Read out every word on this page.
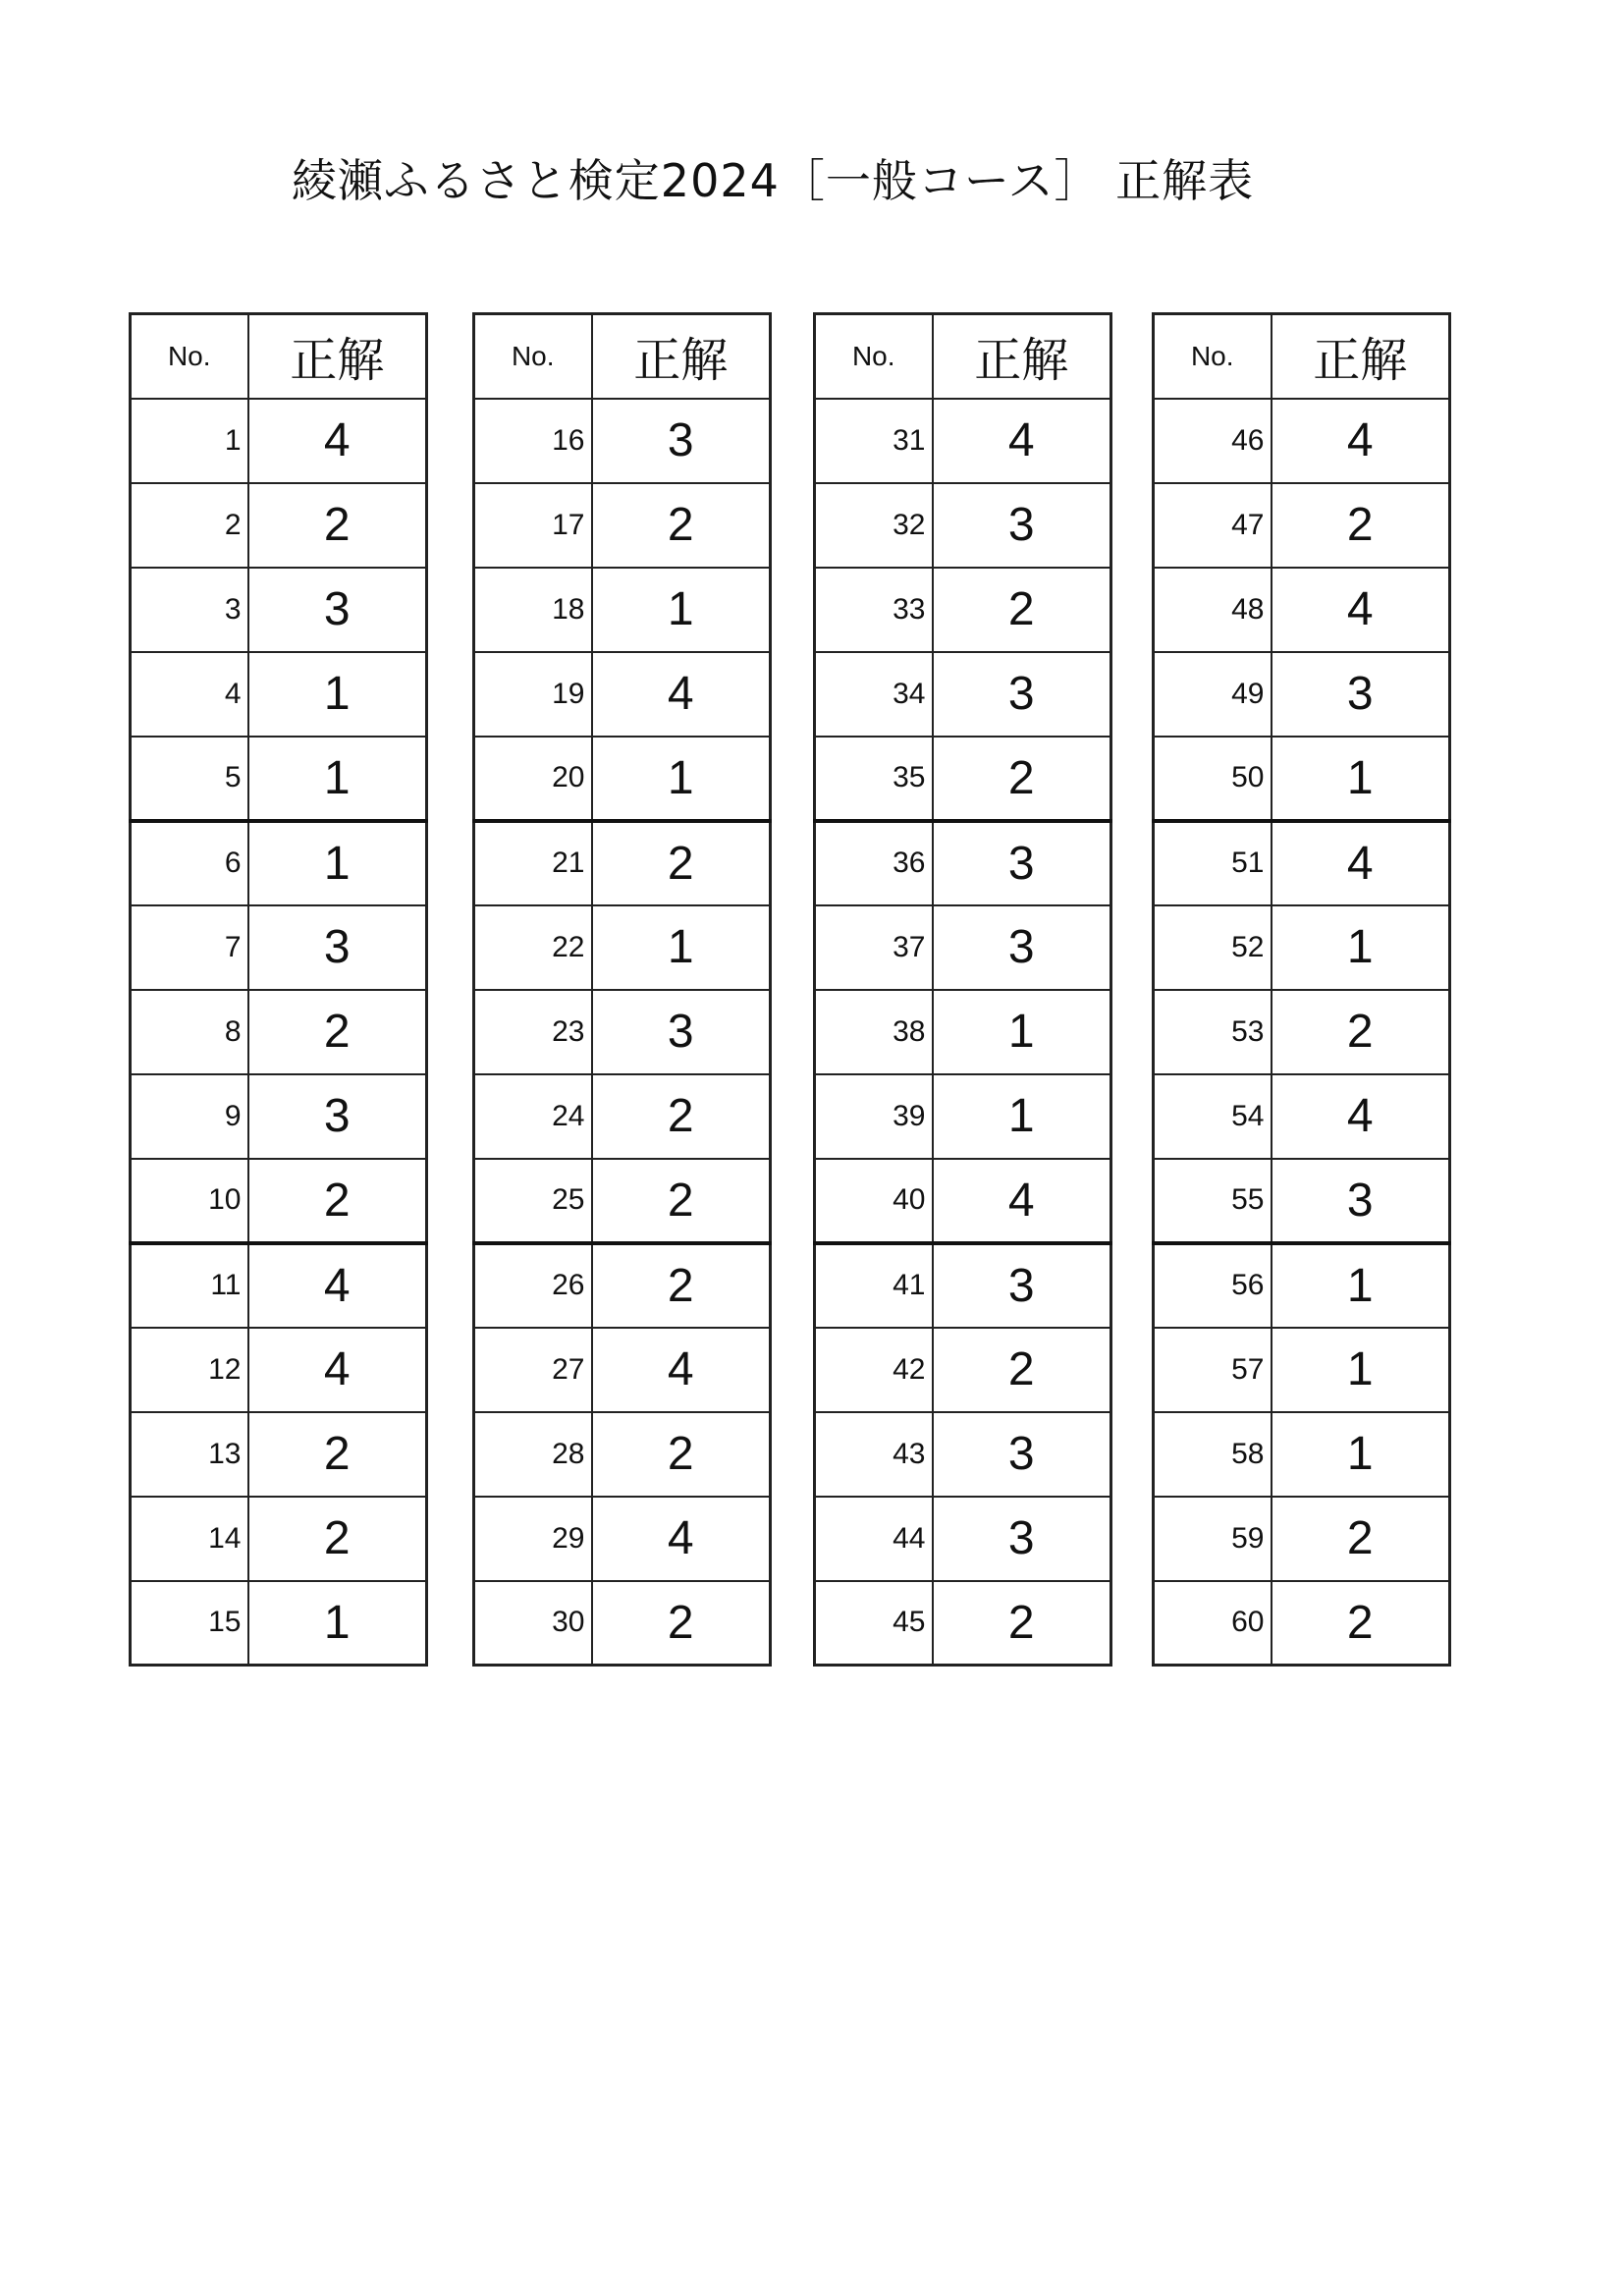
綾瀬ふるさと検定2024［一般コース］ 正解表
No.	正解
1	4
2	2
3	3
4	1
5	1
6	1
7	3
8	2
9	3
10	2
11	4
12	4
13	2
14	2
15	1
No.	正解
16	3
17	2
18	1
19	4
20	1
21	2
22	1
23	3
24	2
25	2
26	2
27	4
28	2
29	4
30	2
No.	正解
31	4
32	3
33	2
34	3
35	2
36	3
37	3
38	1
39	1
40	4
41	3
42	2
43	3
44	3
45	2
No.	正解
46	4
47	2
48	4
49	3
50	1
51	4
52	1
53	2
54	4
55	3
56	1
57	1
58	1
59	2
60	2
